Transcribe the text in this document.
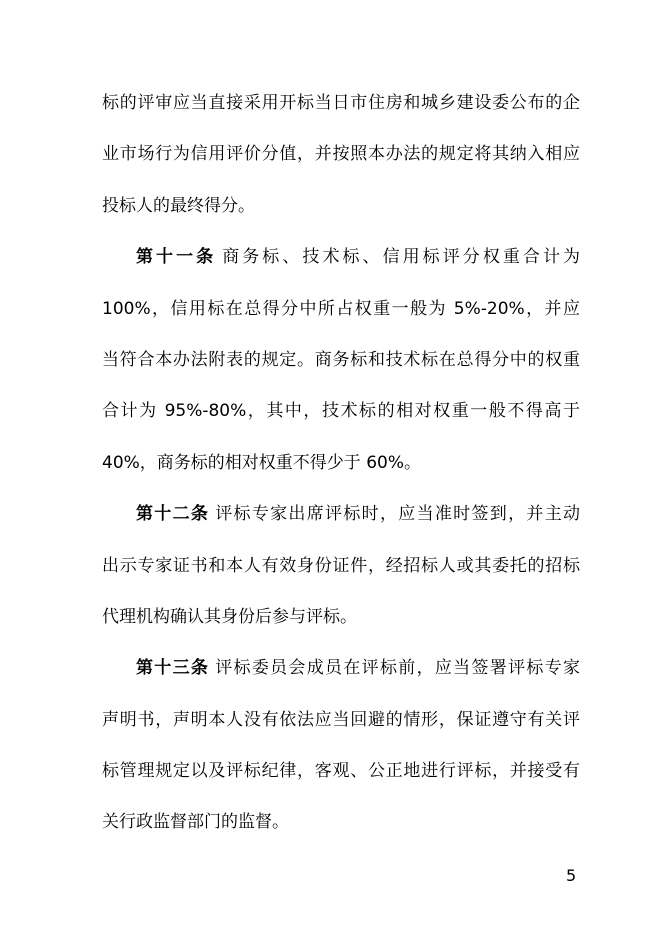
标的评审应当直接采用开标当日市住房和城乡建设委公布的企
业市场行为信用评价分值，并按照本办法的规定将其纳入相应
投标人的最终得分。
第十一条 商务标、技术标、信用标评分权重合计为
100%，信用标在总得分中所占权重一般为 5%-20%，并应
当符合本办法附表的规定。商务标和技术标在总得分中的权重
合计为 95%-80%，其中，技术标的相对权重一般不得高于
40%，商务标的相对权重不得少于 60%。
第十二条 评标专家出席评标时，应当准时签到，并主动
出示专家证书和本人有效身份证件，经招标人或其委托的招标
代理机构确认其身份后参与评标。
第十三条 评标委员会成员在评标前，应当签署评标专家
声明书，声明本人没有依法应当回避的情形，保证遵守有关评
标管理规定以及评标纪律，客观、公正地进行评标，并接受有
关行政监督部门的监督。
5
